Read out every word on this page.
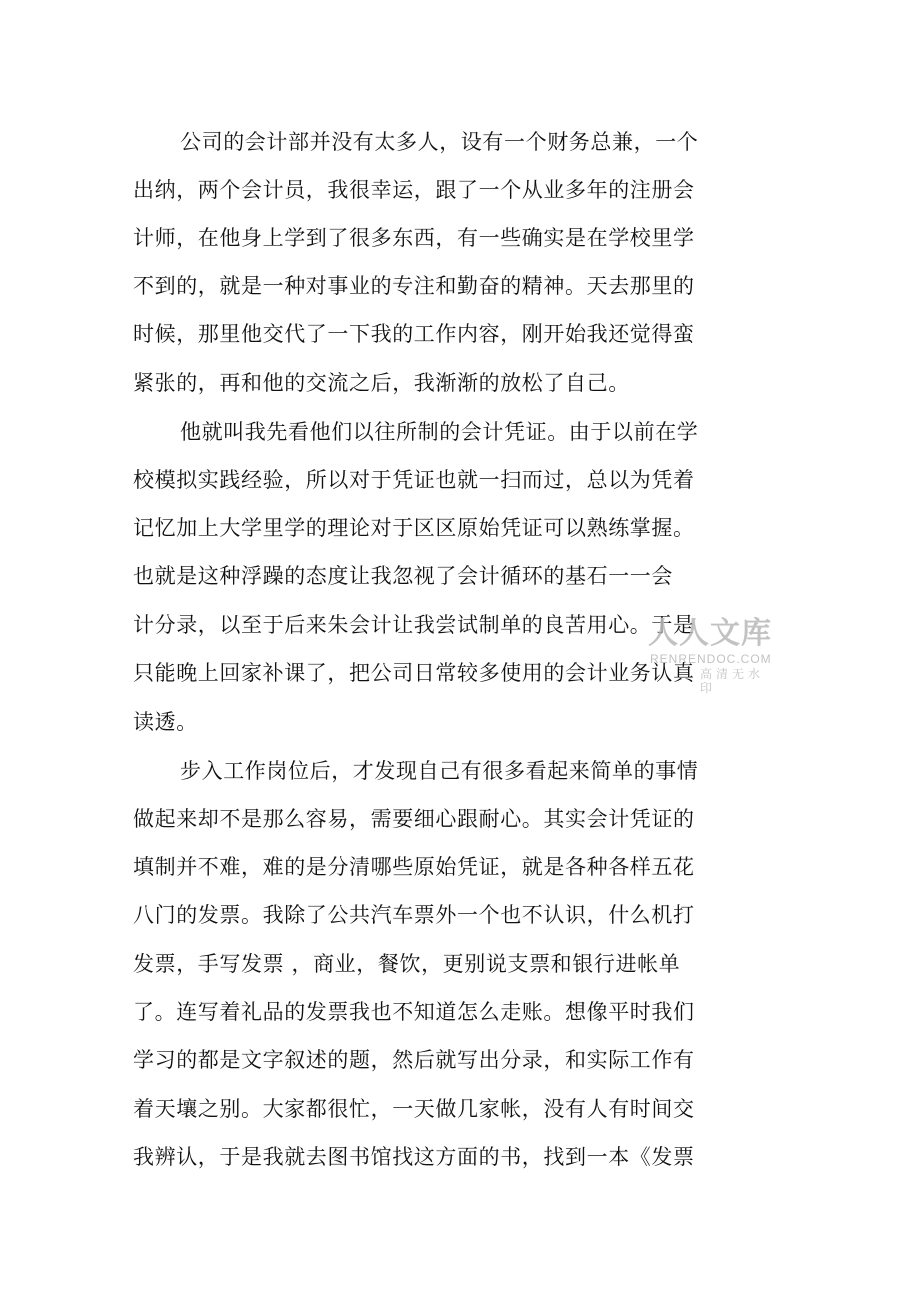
公司的会计部并没有太多人，设有一个财务总兼，一个
出纳，两个会计员，我很幸运，跟了一个从业多年的注册会
计师，在他身上学到了很多东西，有一些确实是在学校里学
不到的，就是一种对事业的专注和勤奋的精神。天去那里的
时候，那里他交代了一下我的工作内容，刚开始我还觉得蛮
紧张的，再和他的交流之后，我渐渐的放松了自己。
他就叫我先看他们以往所制的会计凭证。由于以前在学
校模拟实践经验，所以对于凭证也就一扫而过，总以为凭着
记忆加上大学里学的理论对于区区原始凭证可以熟练掌握。
也就是这种浮躁的态度让我忽视了会计循环的基石一一会
计分录，以至于后来朱会计让我尝试制单的良苦用心。于是
只能晚上回家补课了，把公司日常较多使用的会计业务认真
读透。
步入工作岗位后，才发现自己有很多看起来简单的事情
做起来却不是那么容易，需要细心跟耐心。其实会计凭证的
填制并不难，难的是分清哪些原始凭证，就是各种各样五花
八门的发票。我除了公共汽车票外一个也不认识，什么机打
发票，手写发票 ，商业，餐饮，更别说支票和银行进帐单
了。连写着礼品的发票我也不知道怎么走账。想像平时我们
学习的都是文字叙述的题，然后就写出分录，和实际工作有
着天壤之别。大家都很忙，一天做几家帐，没有人有时间交
我辨认，于是我就去图书馆找这方面的书，找到一本《发票
人人文库
RENRENDOC.COM
高清无水印
